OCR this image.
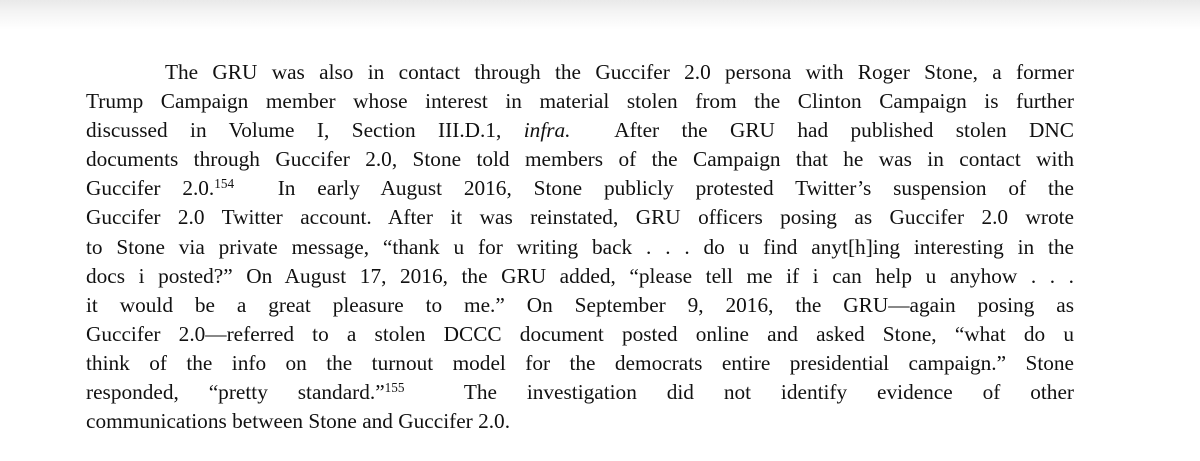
The GRU was also in contact through the Guccifer 2.0 persona with Roger Stone, a former
Trump Campaign member whose interest in material stolen from the Clinton Campaign is further
discussed in Volume I, Section III.D.1, infra. After the GRU had published stolen DNC
documents through Guccifer 2.0, Stone told members of the Campaign that he was in contact with
Guccifer 2.0.$^{154}$ In early August 2016, Stone publicly protested Twitter’s suspension of the
Guccifer 2.0 Twitter account. After it was reinstated, GRU officers posing as Guccifer 2.0 wrote
to Stone via private message, “thank u for writing back . . . do u find anyt[h]ing interesting in the
docs i posted?” On August 17, 2016, the GRU added, “please tell me if i can help u anyhow . . .
it would be a great pleasure to me.” On September 9, 2016, the GRU—again posing as
Guccifer 2.0—referred to a stolen DCCC document posted online and asked Stone, “what do u
think of the info on the turnout model for the democrats entire presidential campaign.” Stone
responded, “pretty standard.”$^{155}$	The investigation did not identify evidence of other
communications between Stone and Guccifer 2.0.
